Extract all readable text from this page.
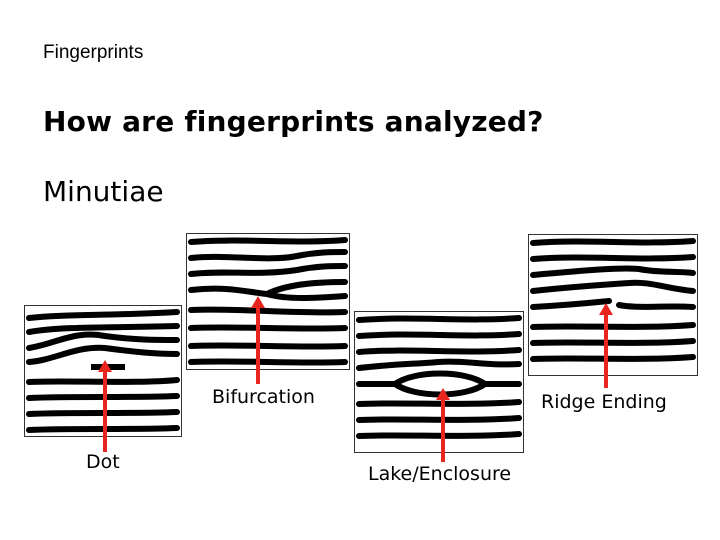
Fingerprints
How are fingerprints analyzed?
Minutiae
Dot
Bifurcation
Lake/Enclosure
Ridge Ending
